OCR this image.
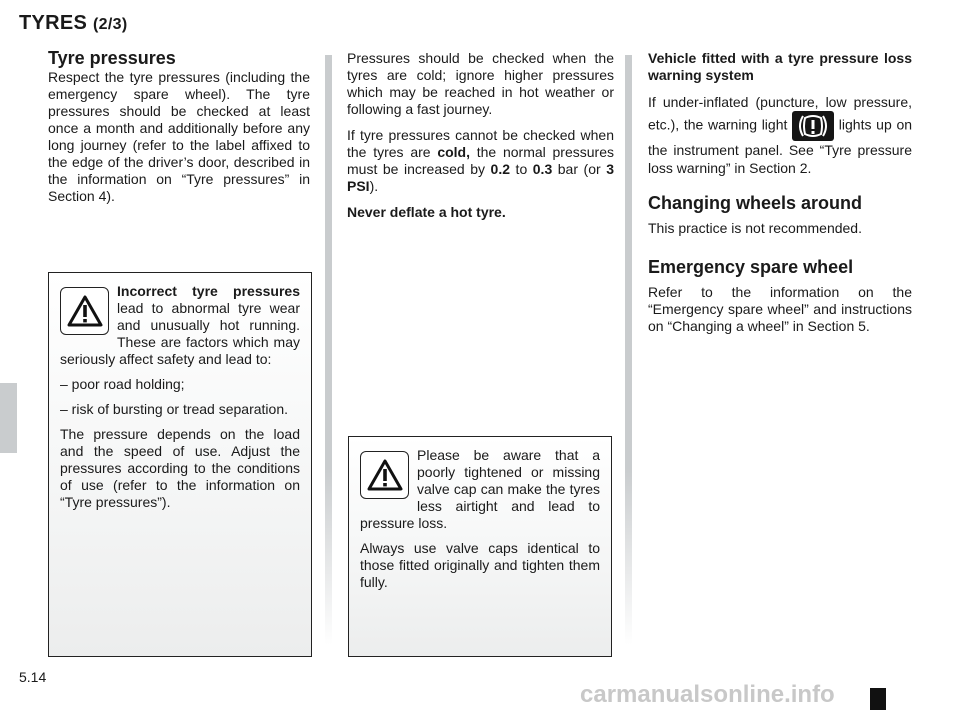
TYRES (2/3)
Tyre pressures

Respect the tyre pressures (including the emergency spare wheel). The tyre pressures should be checked at least once a month and additionally before any long journey (refer to the label affixed to the edge of the driver’s door, described in the information on “Tyre pressures” in Section 4).

Incorrect tyre pressures lead to abnormal tyre wear and unusually hot running. These are factors which may seriously affect safety and lead to:

– poor road holding;

– risk of bursting or tread separation.

The pressure depends on the load and the speed of use. Adjust the pressures according to the conditions of use (refer to the information on “Tyre pressures”).

Pressures should be checked when the tyres are cold; ignore higher pressures which may be reached in hot weather or following a fast journey.

If tyre pressures cannot be checked when the tyres are cold, the normal pressures must be increased by 0.2 to 0.3 bar (or 3 PSI).

Never deflate a hot tyre.

Please be aware that a poorly tightened or missing valve cap can make the tyres less airtight and lead to pressure loss.

Always use valve caps identical to those fitted originally and tighten them fully.

Vehicle fitted with a tyre pressure loss warning system

If under-inflated (puncture, low pressure, etc.), the warning light	lights up on the instrument panel. See “Tyre pressure loss warning” in Section 2.

Changing wheels around

This practice is not recommended.

Emergency spare wheel

Refer to the information on the “Emergency spare wheel” and instructions on “Changing a wheel” in Section 5.

5.14
carmanualsonline.info
